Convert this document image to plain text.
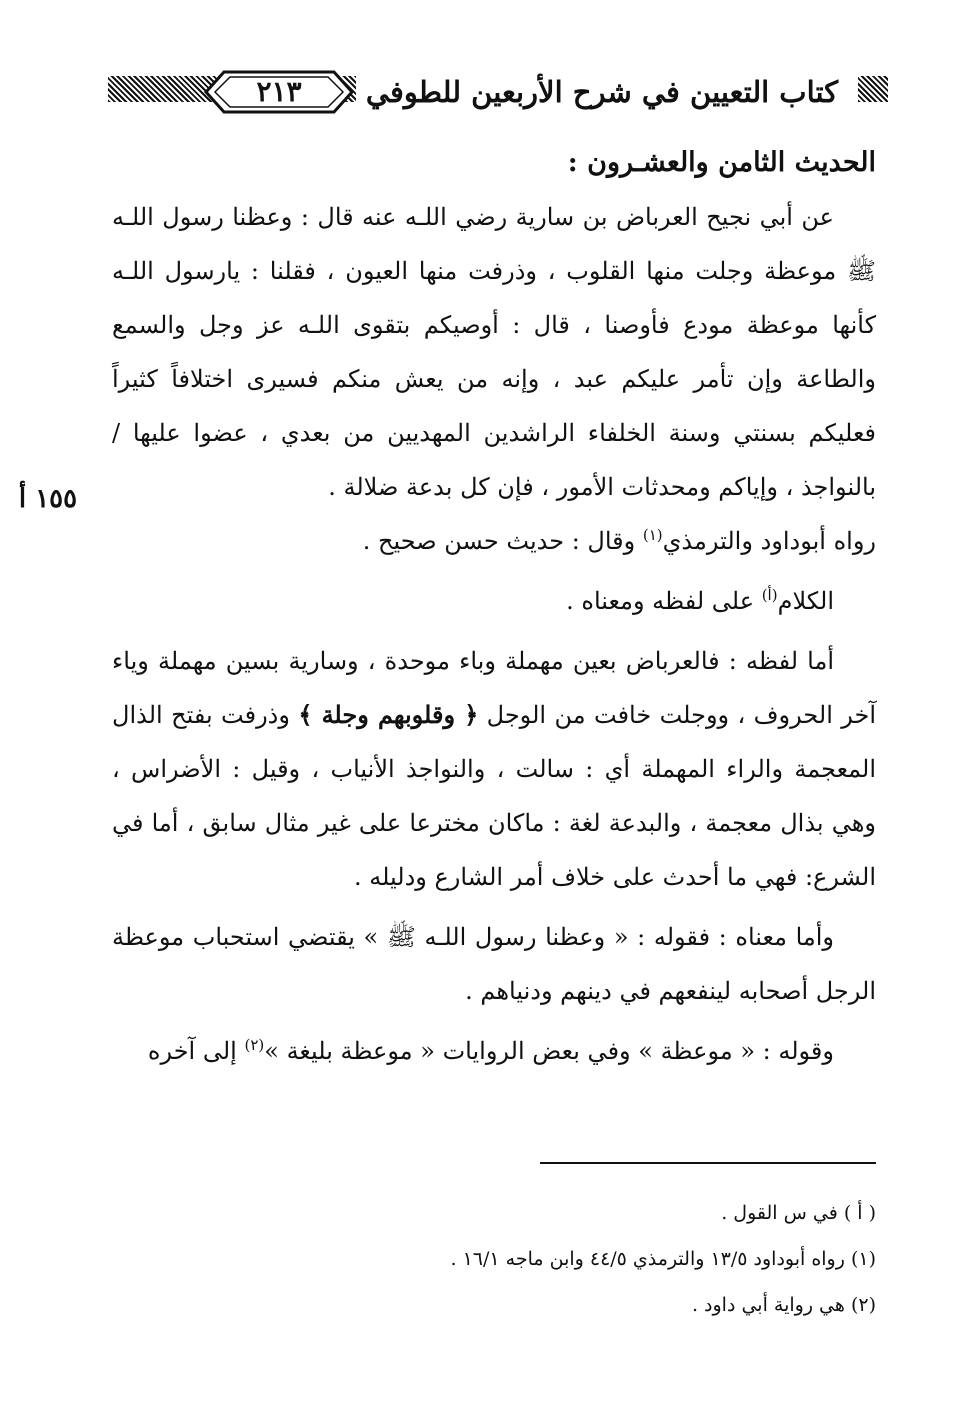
٢١٣	كتاب التعيين في شرح الأربعين للطوفي
١٥٥ أ

الحديث الثامن والعشـرون :

عن أبي نجيح العرباض بن سارية رضي اللـه عنه قال : وعظنا رسول اللـه ﷺ موعظة وجلت منها القلوب ، وذرفت منها العيون ، فقلنا : يارسول اللـه كأنها موعظة مودع فأوصنا ، قال : أوصيكم بتقوى اللـه عز وجل والسمع والطاعة وإن تأمر عليكم عبد ، وإنه من يعش منكم فسيرى اختلافاً كثيراً فعليكم بسنتي وسنة الخلفاء الراشدين المهديين من بعدي ، عضوا عليها / بالنواجذ ، وإياكم ومحدثات الأمور ، فإن كل بدعة ضلالة .

رواه أبوداود والترمذي$^{(١)}$ وقال : حديث حسن صحيح .

الكلام$^{(أ)}$ على لفظه ومعناه .

أما لفظه : فالعرباض بعين مهملة وباء موحدة ، وسارية بسين مهملة وياء آخر الحروف ، ووجلت خافت من الوجل ﴿ وقلوبهم وجلة ﴾ وذرفت بفتح الذال المعجمة والراء المهملة أي : سالت ، والنواجذ الأنياب ، وقيل : الأضراس ، وهي بذال معجمة ، والبدعة لغة : ماكان مخترعا على غير مثال سابق ، أما في الشرع: فهي ما أحدث على خلاف أمر الشارع ودليله .

وأما معناه : فقوله : « وعظنا رسول اللـه ﷺ » يقتضي استحباب موعظة الرجل أصحابه لينفعهم في دينهم ودنياهم .

وقوله : « موعظة » وفي بعض الروايات « موعظة بليغة »$^{(٢)}$ إلى آخره

( أ ) في س القول .

(١) رواه أبوداود ١٣/٥ والترمذي ٤٤/٥ وابن ماجه ١٦/١ .

(٢) هي رواية أبي داود .
